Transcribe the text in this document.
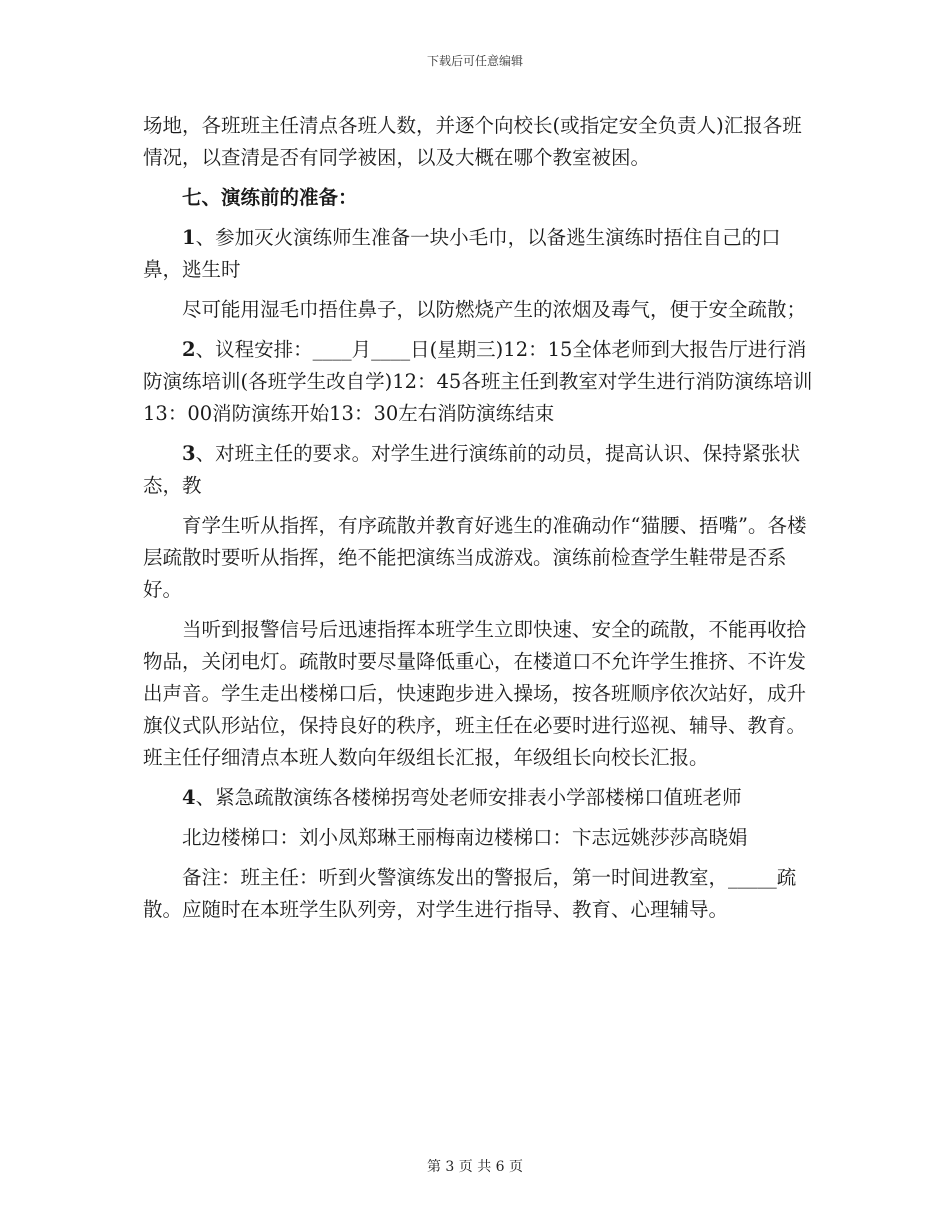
下载后可任意编辑

场地，各班班主任清点各班人数，并逐个向校长(或指定安全负责人)汇报各班情况，以查清是否有同学被困，以及大概在哪个教室被困。

七、演练前的准备：

1、参加灭火演练师生准备一块小毛巾，以备逃生演练时捂住自己的口鼻，逃生时

尽可能用湿毛巾捂住鼻子，以防燃烧产生的浓烟及毒气，便于安全疏散；

2、议程安排：____月____日(星期三)12：15全体老师到大报告厅进行消防演练培训(各班学生改自学)12：45各班主任到教室对学生进行消防演练培训13：00消防演练开始13：30左右消防演练结束

3、对班主任的要求。对学生进行演练前的动员，提高认识、保持紧张状态，教

育学生听从指挥，有序疏散并教育好逃生的准确动作“猫腰、捂嘴”。各楼层疏散时要听从指挥，绝不能把演练当成游戏。演练前检查学生鞋带是否系好。

当听到报警信号后迅速指挥本班学生立即快速、安全的疏散，不能再收拾物品，关闭电灯。疏散时要尽量降低重心，在楼道口不允许学生推挤、不许发出声音。学生走出楼梯口后，快速跑步进入操场，按各班顺序依次站好，成升旗仪式队形站位，保持良好的秩序，班主任在必要时进行巡视、辅导、教育。班主任仔细清点本班人数向年级组长汇报，年级组长向校长汇报。

4、紧急疏散演练各楼梯拐弯处老师安排表小学部楼梯口值班老师

北边楼梯口：刘小凤郑琳王丽梅南边楼梯口：卞志远姚莎莎高晓娟

备注：班主任：听到火警演练发出的警报后，第一时间进教室，_____疏散。应随时在本班学生队列旁，对学生进行指导、教育、心理辅导。

第 3 页 共 6 页
